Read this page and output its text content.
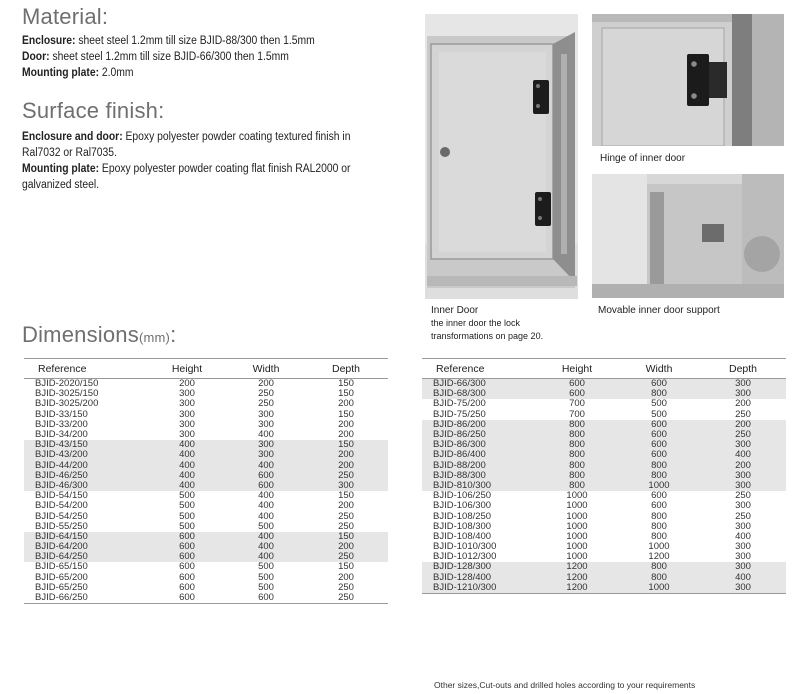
Material:

Enclosure: sheet steel 1.2mm till size BJID-88/300 then 1.5mm

Door: sheet steel 1.2mm till size BJID-66/300 then 1.5mm

Mounting plate: 2.0mm

Surface finish:

Enclosure and door: Epoxy polyester powder coating textured finish in Ral7032 or Ral7035.

Mounting plate: Epoxy polyester powder coating flat finish RAL2000 or galvanized steel.

Inner Door
the inner door the lock
transformations on page 20.
Hinge of inner door
Movable inner door support
Dimensions(mm):
Reference	Height	Width	Depth
BJID-2020/150	200	200	150
BJID-3025/150	300	250	150
BJID-3025/200	300	250	200
BJID-33/150	300	300	150
BJID-33/200	300	300	200
BJID-34/200	300	400	200
BJID-43/150	400	300	150
BJID-43/200	400	300	200
BJID-44/200	400	400	200
BJID-46/250	400	600	250
BJID-46/300	400	600	300
BJID-54/150	500	400	150
BJID-54/200	500	400	200
BJID-54/250	500	400	250
BJID-55/250	500	500	250
BJID-64/150	600	400	150
BJID-64/200	600	400	200
BJID-64/250	600	400	250
BJID-65/150	600	500	150
BJID-65/200	600	500	200
BJID-65/250	600	500	250
BJID-66/250	600	600	250
Reference	Height	Width	Depth
BJID-66/300	600	600	300
BJID-68/300	600	800	300
BJID-75/200	700	500	200
BJID-75/250	700	500	250
BJID-86/200	800	600	200
BJID-86/250	800	600	250
BJID-86/300	800	600	300
BJID-86/400	800	600	400
BJID-88/200	800	800	200
BJID-88/300	800	800	300
BJID-810/300	800	1000	300
BJID-106/250	1000	600	250
BJID-106/300	1000	600	300
BJID-108/250	1000	800	250
BJID-108/300	1000	800	300
BJID-108/400	1000	800	400
BJID-1010/300	1000	1000	300
BJID-1012/300	1000	1200	300
BJID-128/300	1200	800	300
BJID-128/400	1200	800	400
BJID-1210/300	1200	1000	300
Other sizes,Cut-outs and drilled holes according to your requirements
